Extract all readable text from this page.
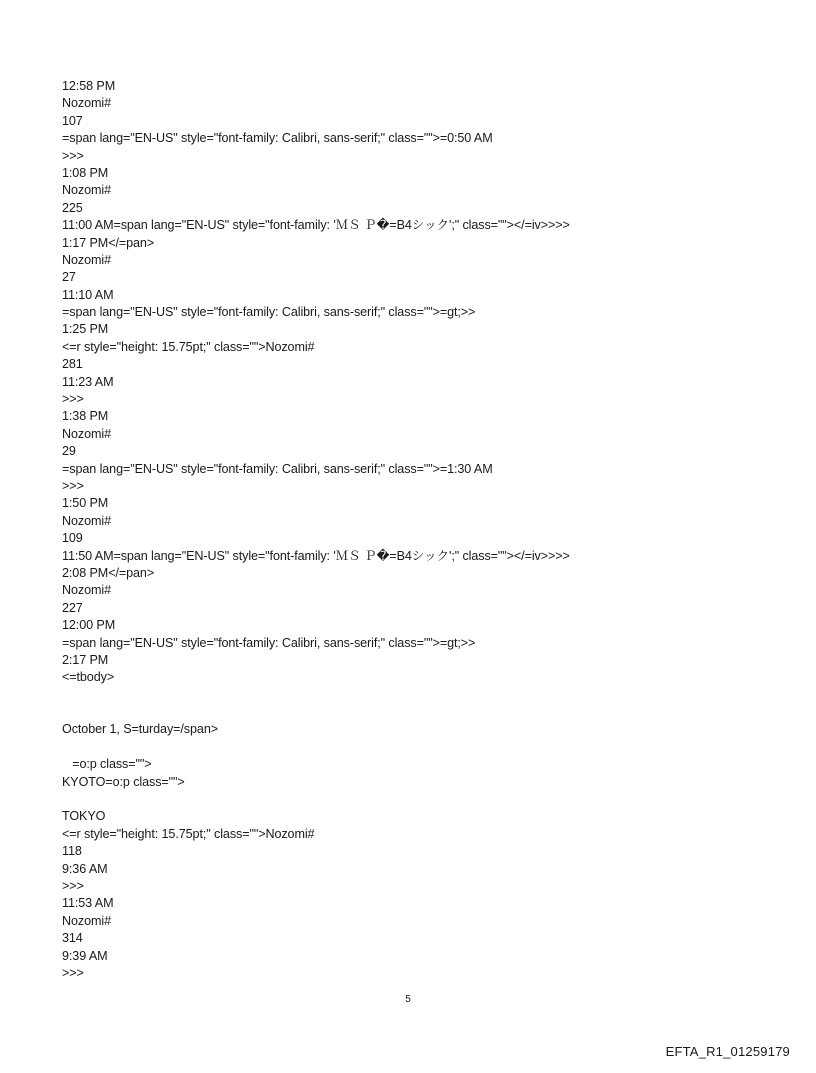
12:58 PM
Nozomi#
107
=span lang="EN-US" style="font-family: Calibri, sans-serif;" class="">=0:50 AM
>>>
1:08 PM
Nozomi#
225
11:00 AM=span lang="EN-US" style="font-family: 'ＭＳ Ｐ�=B4シック';" class=""></=iv>>>>
1:17 PM</=pan>
Nozomi#
27
11:10 AM
=span lang="EN-US" style="font-family: Calibri, sans-serif;" class="">=gt;>>
1:25 PM
<=r style="height: 15.75pt;" class="">Nozomi#
281
11:23 AM
>>>
1:38 PM
Nozomi#
29
=span lang="EN-US" style="font-family: Calibri, sans-serif;" class="">=1:30 AM
>>>
1:50 PM
Nozomi#
109
11:50 AM=span lang="EN-US" style="font-family: 'ＭＳ Ｐ�=B4シック';" class=""></=iv>>>>
2:08 PM</=pan>
Nozomi#
227
12:00 PM
=span lang="EN-US" style="font-family: Calibri, sans-serif;" class="">=gt;>>
2:17 PM
<=tbody>
October 1, S=turday=/span>
=o:p class="">
KYOTO=o:p class="">
TOKYO
<=r style="height: 15.75pt;" class="">Nozomi#
118
9:36 AM
>>>
11:53 AM
Nozomi#
314
9:39 AM
>>>
5
EFTA_R1_01259179
